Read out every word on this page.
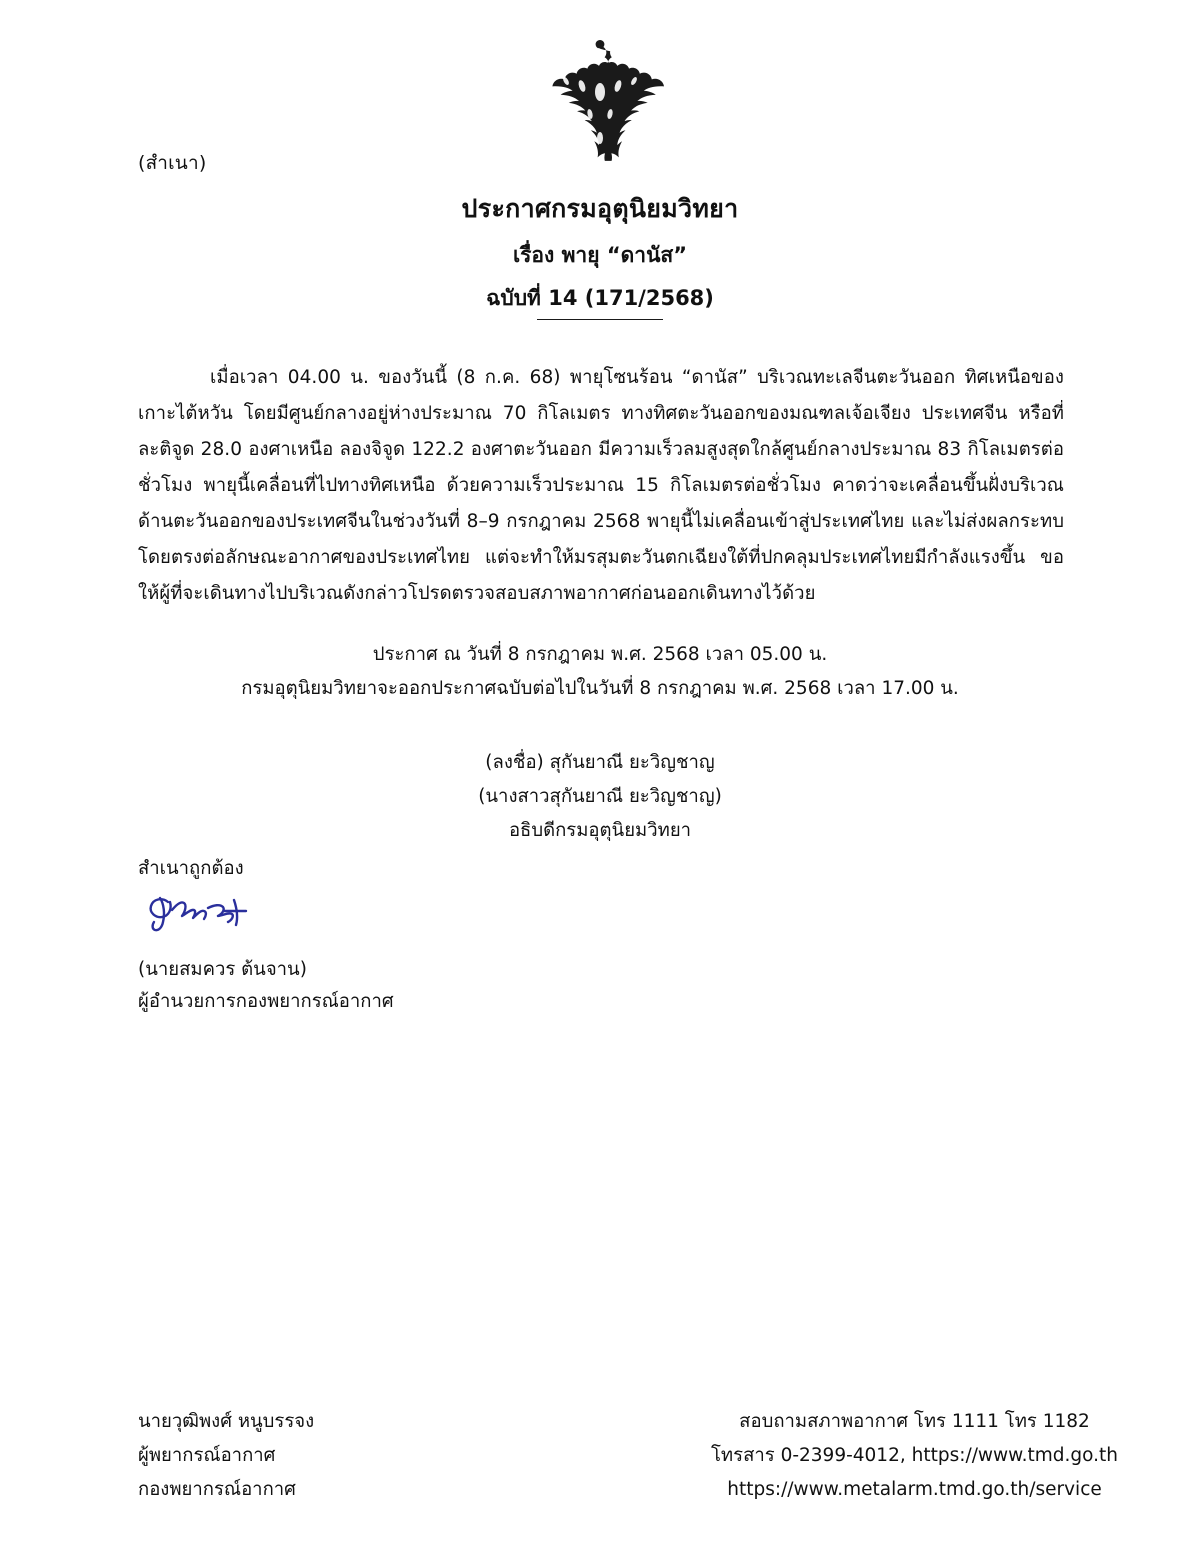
(สำเนา)
ประกาศกรมอุตุนิยมวิทยา
เรื่อง พายุ “ดานัส”
ฉบับที่ 14 (171/2568)
เมื่อเวลา 04.00 น. ของวันนี้ (8 ก.ค. 68) พายุโซนร้อน “ดานัส” บริเวณทะเลจีนตะวันออก ทิศเหนือของเกาะไต้หวัน โดยมีศูนย์กลางอยู่ห่างประมาณ 70 กิโลเมตร ทางทิศตะวันออกของมณฑลเจ้อเจียง ประเทศจีน หรือที่ละติจูด 28.0 องศาเหนือ ลองจิจูด 122.2 องศาตะวันออก มีความเร็วลมสูงสุดใกล้ศูนย์กลางประมาณ 83 กิโลเมตรต่อชั่วโมง พายุนี้เคลื่อนที่ไปทางทิศเหนือ ด้วยความเร็วประมาณ 15 กิโลเมตรต่อชั่วโมง คาดว่าจะเคลื่อนขึ้นฝั่งบริเวณด้านตะวันออกของประเทศจีนในช่วงวันที่ 8–9 กรกฎาคม 2568 พายุนี้ไม่เคลื่อนเข้าสู่ประเทศไทย และไม่ส่งผลกระทบโดยตรงต่อลักษณะอากาศของประเทศไทย แต่จะทำให้มรสุมตะวันตกเฉียงใต้ที่ปกคลุมประเทศไทยมีกำลังแรงขึ้น ขอให้ผู้ที่จะเดินทางไปบริเวณดังกล่าวโปรดตรวจสอบสภาพอากาศก่อนออกเดินทางไว้ด้วย
ประกาศ ณ วันที่ 8 กรกฎาคม พ.ศ. 2568 เวลา 05.00 น.
กรมอุตุนิยมวิทยาจะออกประกาศฉบับต่อไปในวันที่ 8 กรกฎาคม พ.ศ. 2568 เวลา 17.00 น.
(ลงชื่อ) สุกันยาณี ยะวิญชาญ
(นางสาวสุกันยาณี ยะวิญชาญ)
อธิบดีกรมอุตุนิยมวิทยา
สำเนาถูกต้อง
(นายสมควร ต้นจาน)
ผู้อำนวยการกองพยากรณ์อากาศ
นายวุฒิพงศ์ หนูบรรจง
ผู้พยากรณ์อากาศ
กองพยากรณ์อากาศ
สอบถามสภาพอากาศ โทร 1111 โทร 1182
โทรสาร 0-2399-4012, https://www.tmd.go.th
https://www.metalarm.tmd.go.th/service
